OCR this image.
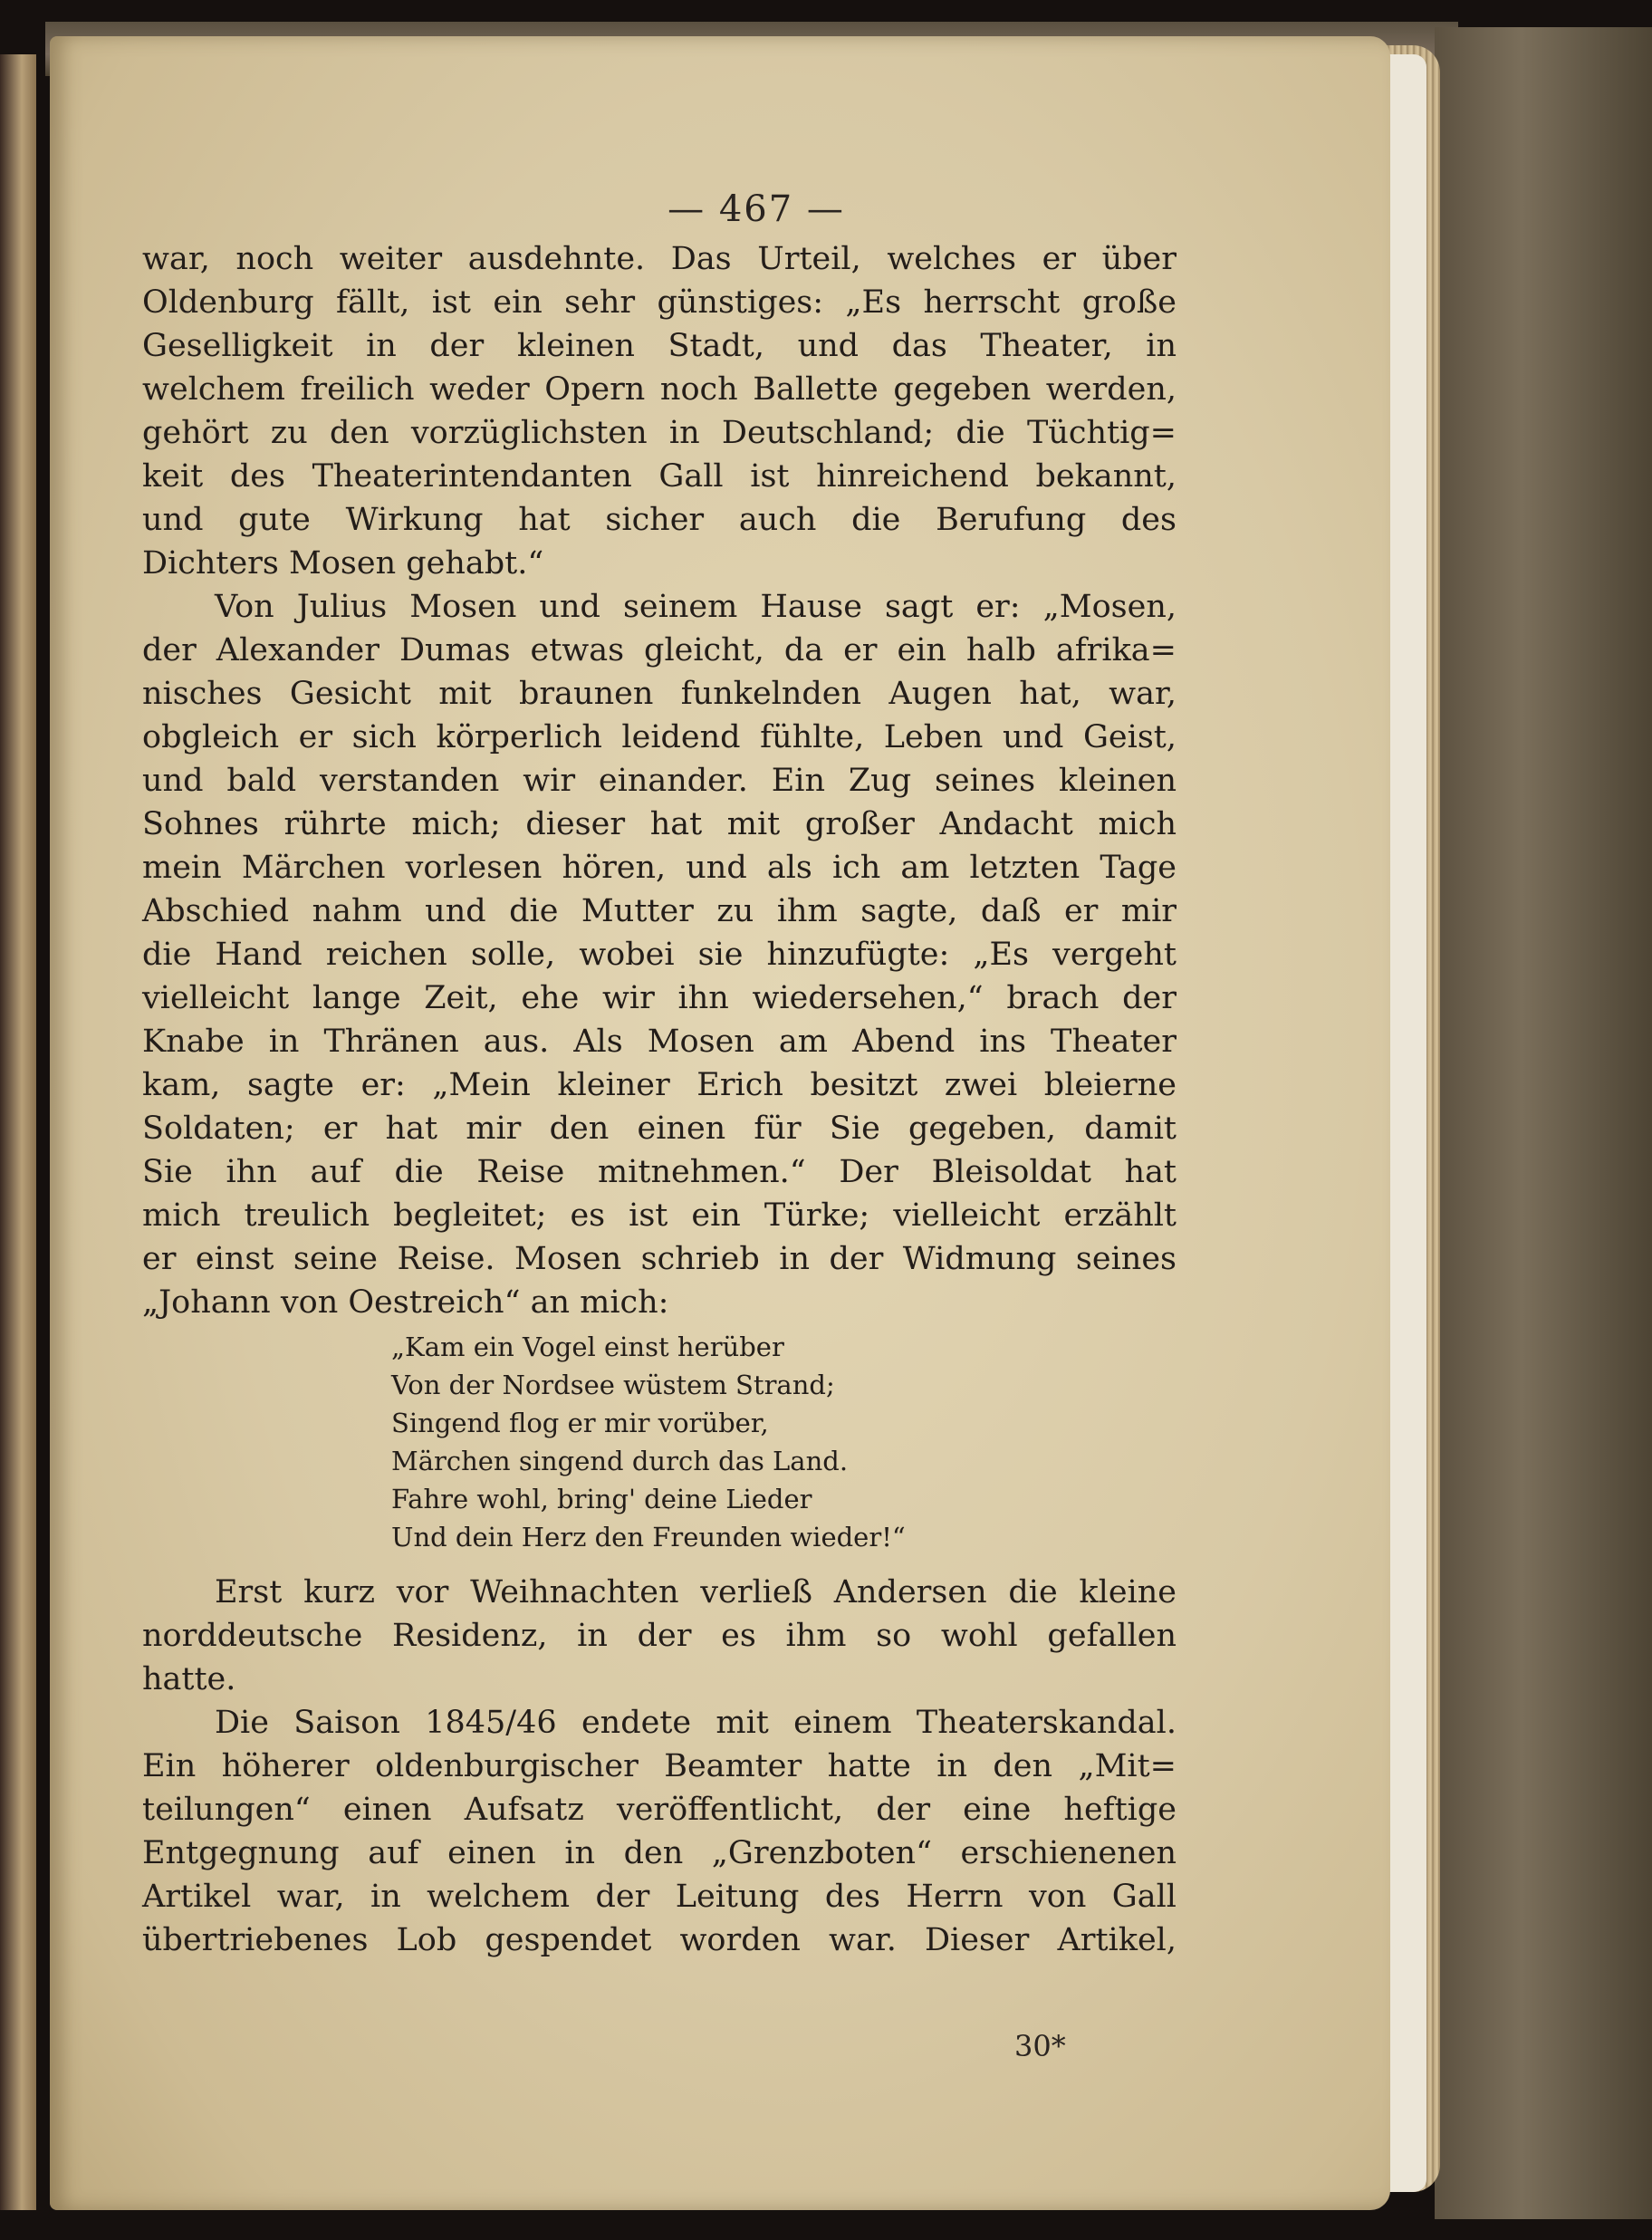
— 467 —
war, noch weiter ausdehnte. Das Urteil, welches er über
Oldenburg fällt, ist ein sehr günstiges: „Es herrscht große
Geselligkeit in der kleinen Stadt, und das Theater, in
welchem freilich weder Opern noch Ballette gegeben werden,
gehört zu den vorzüglichsten in Deutschland; die Tüchtig=
keit des Theaterintendanten Gall ist hinreichend bekannt,
und gute Wirkung hat sicher auch die Berufung des
Dichters Mosen gehabt.“
Von Julius Mosen und seinem Hause sagt er: „Mosen,
der Alexander Dumas etwas gleicht, da er ein halb afrika=
nisches Gesicht mit braunen funkelnden Augen hat, war,
obgleich er sich körperlich leidend fühlte, Leben und Geist,
und bald verstanden wir einander. Ein Zug seines kleinen
Sohnes rührte mich; dieser hat mit großer Andacht mich
mein Märchen vorlesen hören, und als ich am letzten Tage
Abschied nahm und die Mutter zu ihm sagte, daß er mir
die Hand reichen solle, wobei sie hinzufügte: „Es vergeht
vielleicht lange Zeit, ehe wir ihn wiedersehen,“ brach der
Knabe in Thränen aus. Als Mosen am Abend ins Theater
kam, sagte er: „Mein kleiner Erich besitzt zwei bleierne
Soldaten; er hat mir den einen für Sie gegeben, damit
Sie ihn auf die Reise mitnehmen.“ Der Bleisoldat hat
mich treulich begleitet; es ist ein Türke; vielleicht erzählt
er einst seine Reise. Mosen schrieb in der Widmung seines
„Johann von Oestreich“ an mich:
„Kam ein Vogel einst herüber
Von der Nordsee wüstem Strand;
Singend flog er mir vorüber,
Märchen singend durch das Land.
Fahre wohl, bring' deine Lieder
Und dein Herz den Freunden wieder!“
Erst kurz vor Weihnachten verließ Andersen die kleine
norddeutsche Residenz, in der es ihm so wohl gefallen
hatte.
Die Saison 1845/46 endete mit einem Theaterskandal.
Ein höherer oldenburgischer Beamter hatte in den „Mit=
teilungen“ einen Aufsatz veröffentlicht, der eine heftige
Entgegnung auf einen in den „Grenzboten“ erschienenen
Artikel war, in welchem der Leitung des Herrn von Gall
übertriebenes Lob gespendet worden war. Dieser Artikel,
30*
